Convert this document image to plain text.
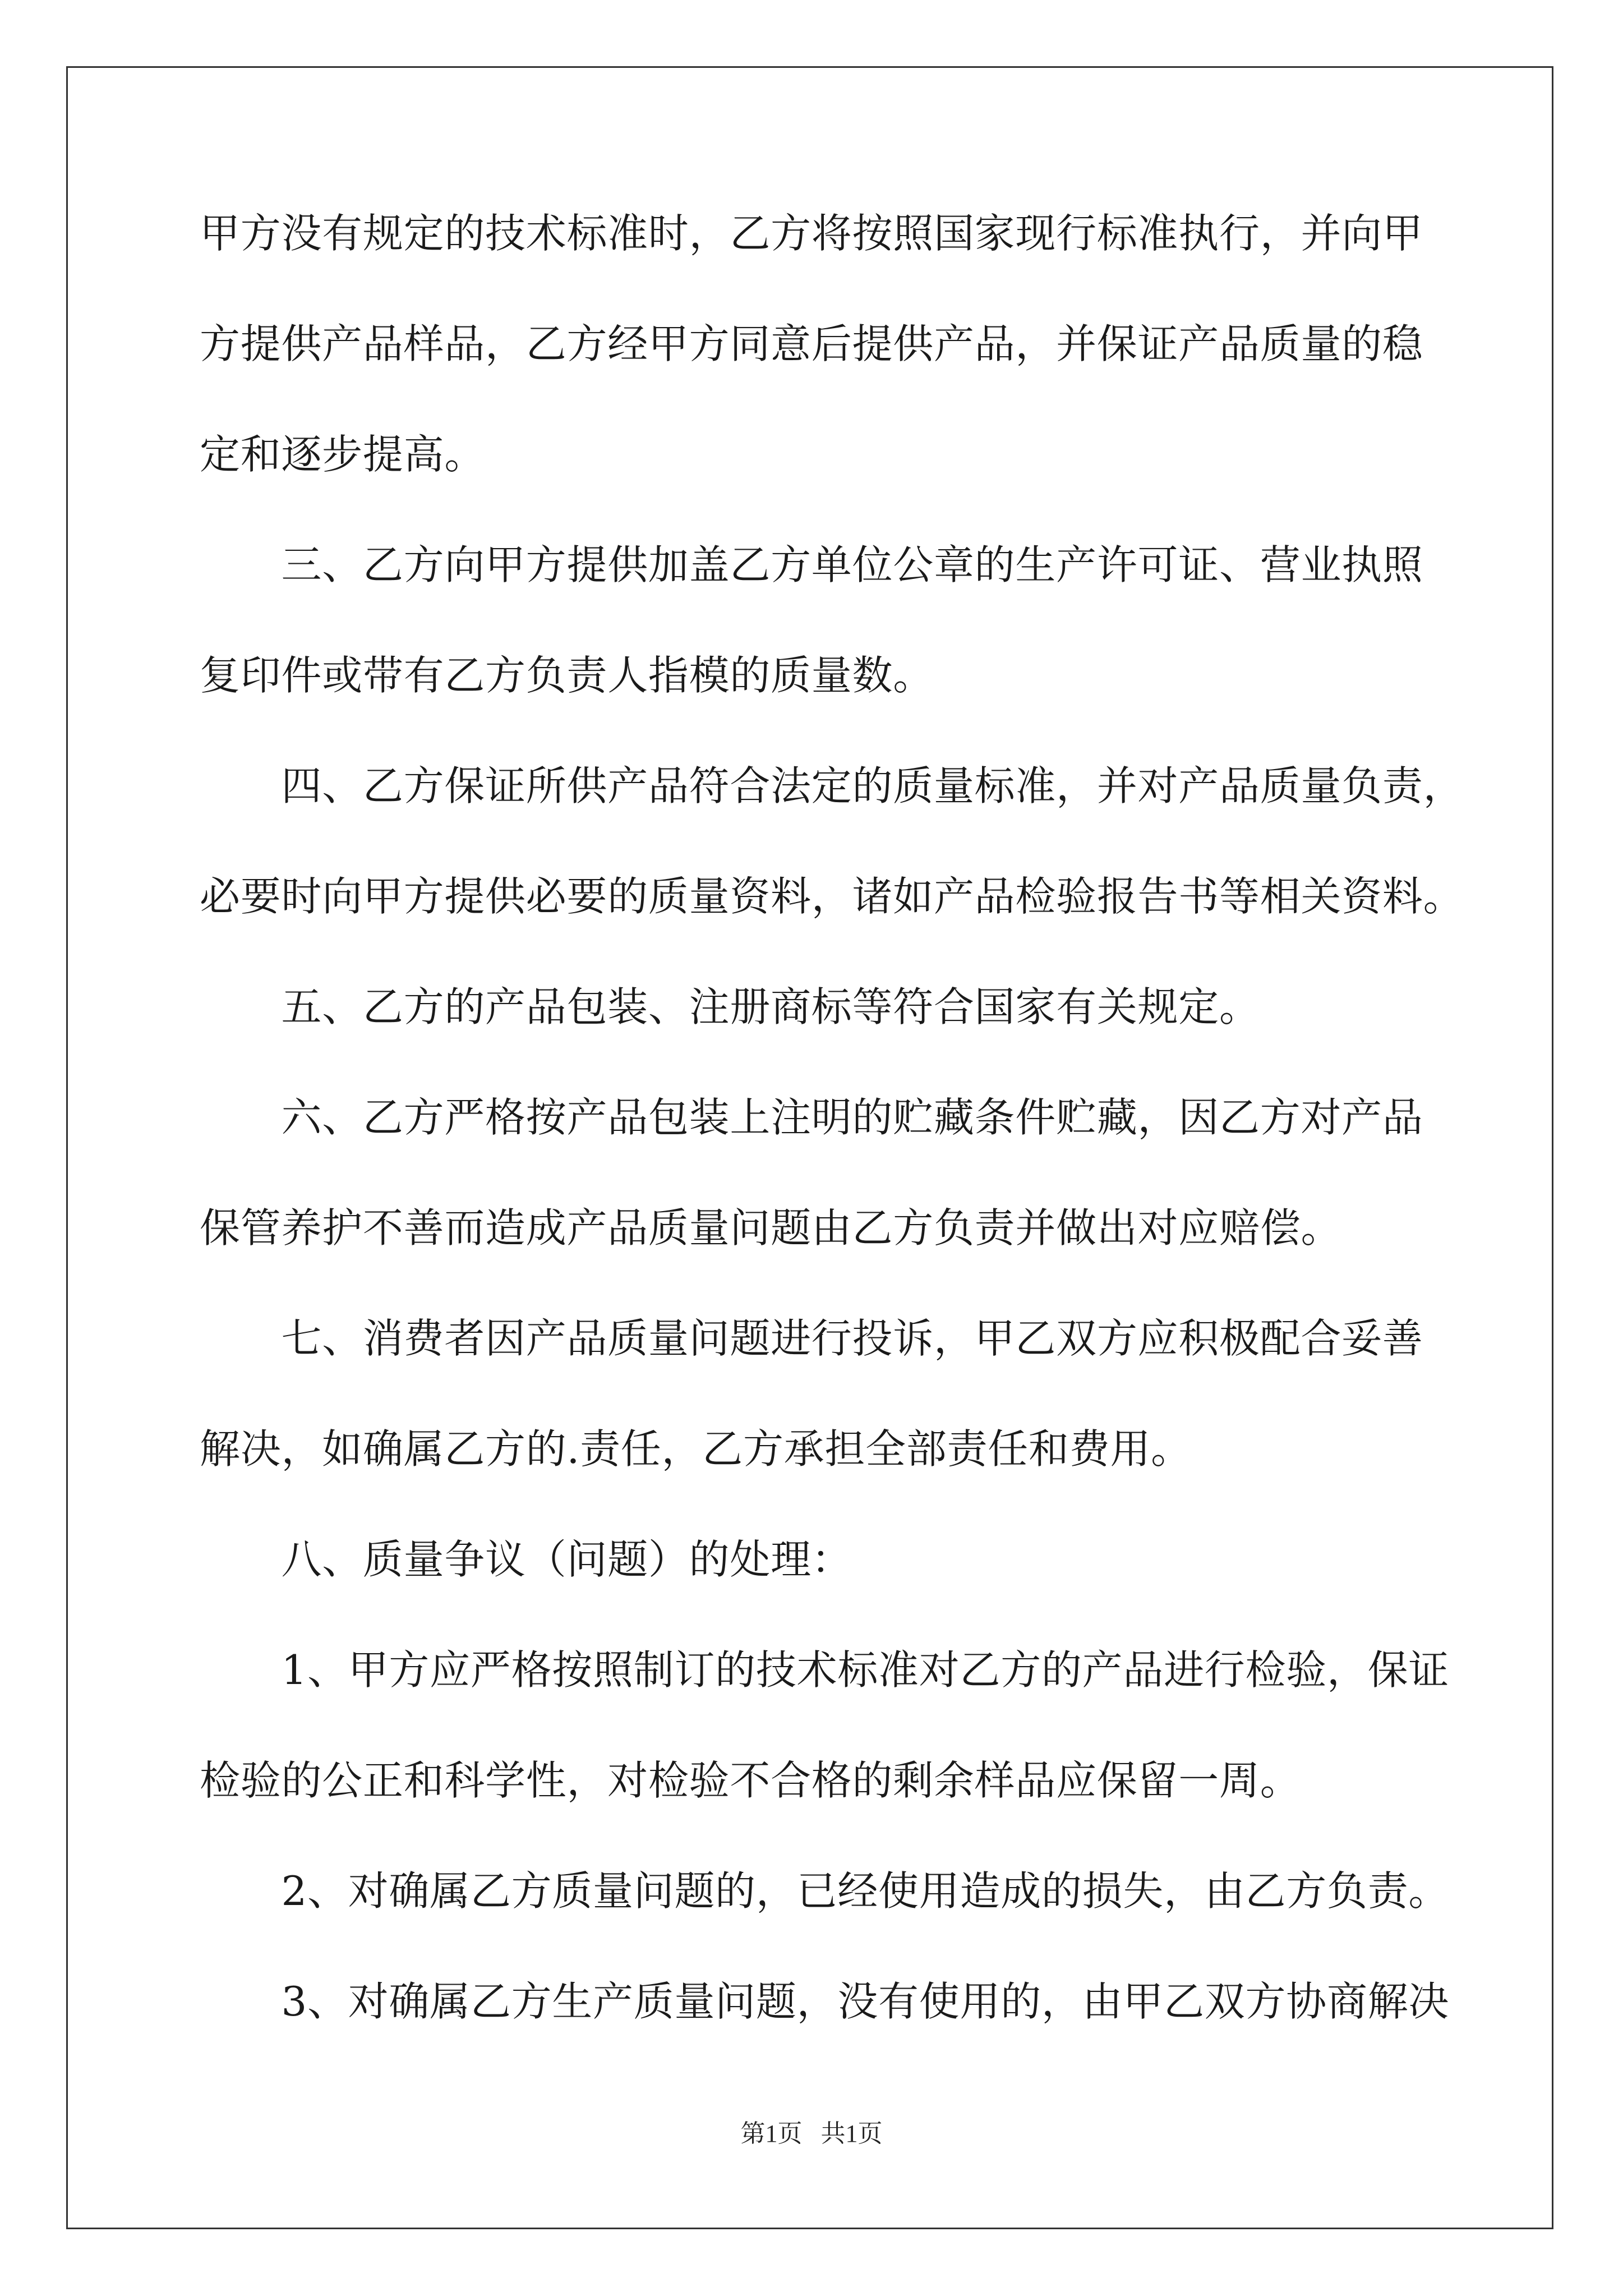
甲方没有规定的技术标准时，乙方将按照国家现行标准执行，并向甲
方提供产品样品，乙方经甲方同意后提供产品，并保证产品质量的稳
定和逐步提高。
　　三、乙方向甲方提供加盖乙方单位公章的生产许可证、营业执照
复印件或带有乙方负责人指模的质量数。
　　四、乙方保证所供产品符合法定的质量标准，并对产品质量负责，
必要时向甲方提供必要的质量资料，诸如产品检验报告书等相关资料。
　　五、乙方的产品包装、注册商标等符合国家有关规定。
　　六、乙方严格按产品包装上注明的贮藏条件贮藏，因乙方对产品
保管养护不善而造成产品质量问题由乙方负责并做出对应赔偿。
　　七、消费者因产品质量问题进行投诉，甲乙双方应积极配合妥善
解决，如确属乙方的.责任，乙方承担全部责任和费用。
　　八、质量争议（问题）的处理：
　　1、甲方应严格按照制订的技术标准对乙方的产品进行检验，保证
检验的公正和科学性，对检验不合格的剩余样品应保留一周。
　　2、对确属乙方质量问题的，已经使用造成的损失，由乙方负责。
　　3、对确属乙方生产质量问题，没有使用的，由甲乙双方协商解决
第1页   共1页
